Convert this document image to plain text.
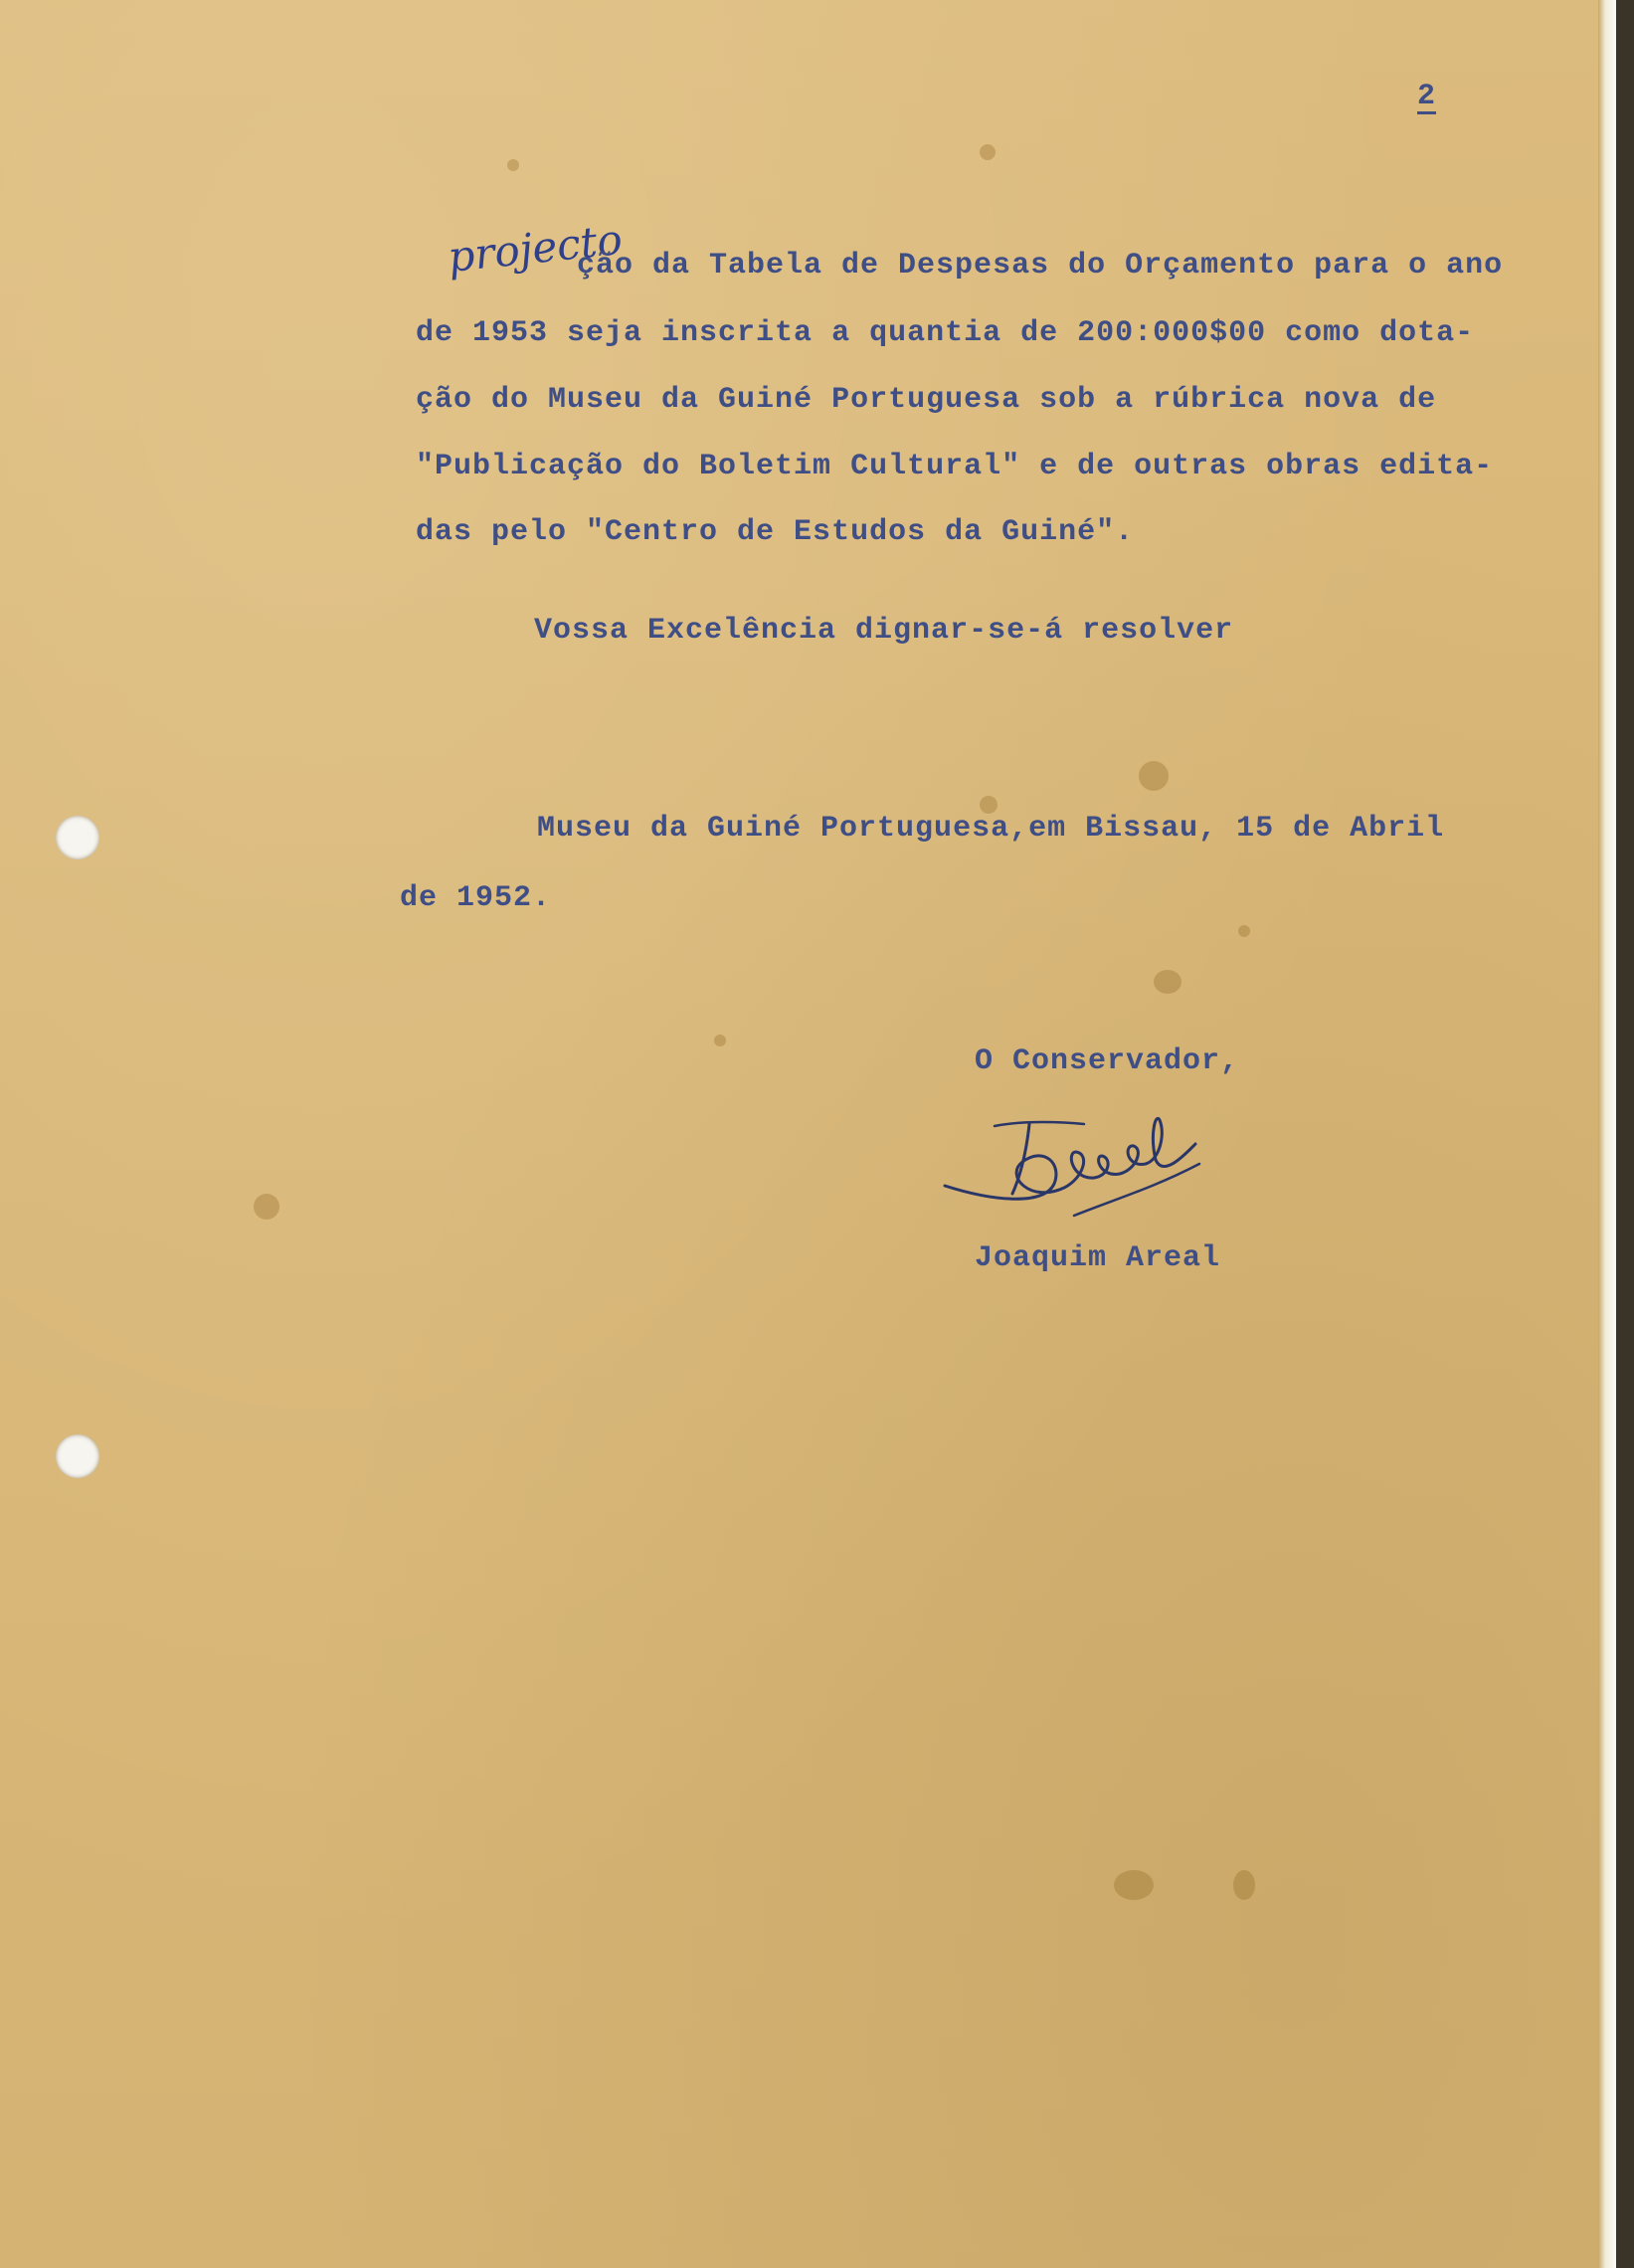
2

projecto

ção da Tabela de Despesas do Orçamento para o ano

de 1953 seja inscrita a quantia de 200:000$00 como dota-

ção do Museu da Guiné Portuguesa sob a rúbrica nova de

"Publicação do Boletim Cultural" e de outras obras edita-

das pelo "Centro de Estudos da Guiné".

Vossa Excelência dignar-se-á resolver

Museu da Guiné Portuguesa,em Bissau, 15 de Abril

de 1952.

O Conservador,

Joaquim Areal
